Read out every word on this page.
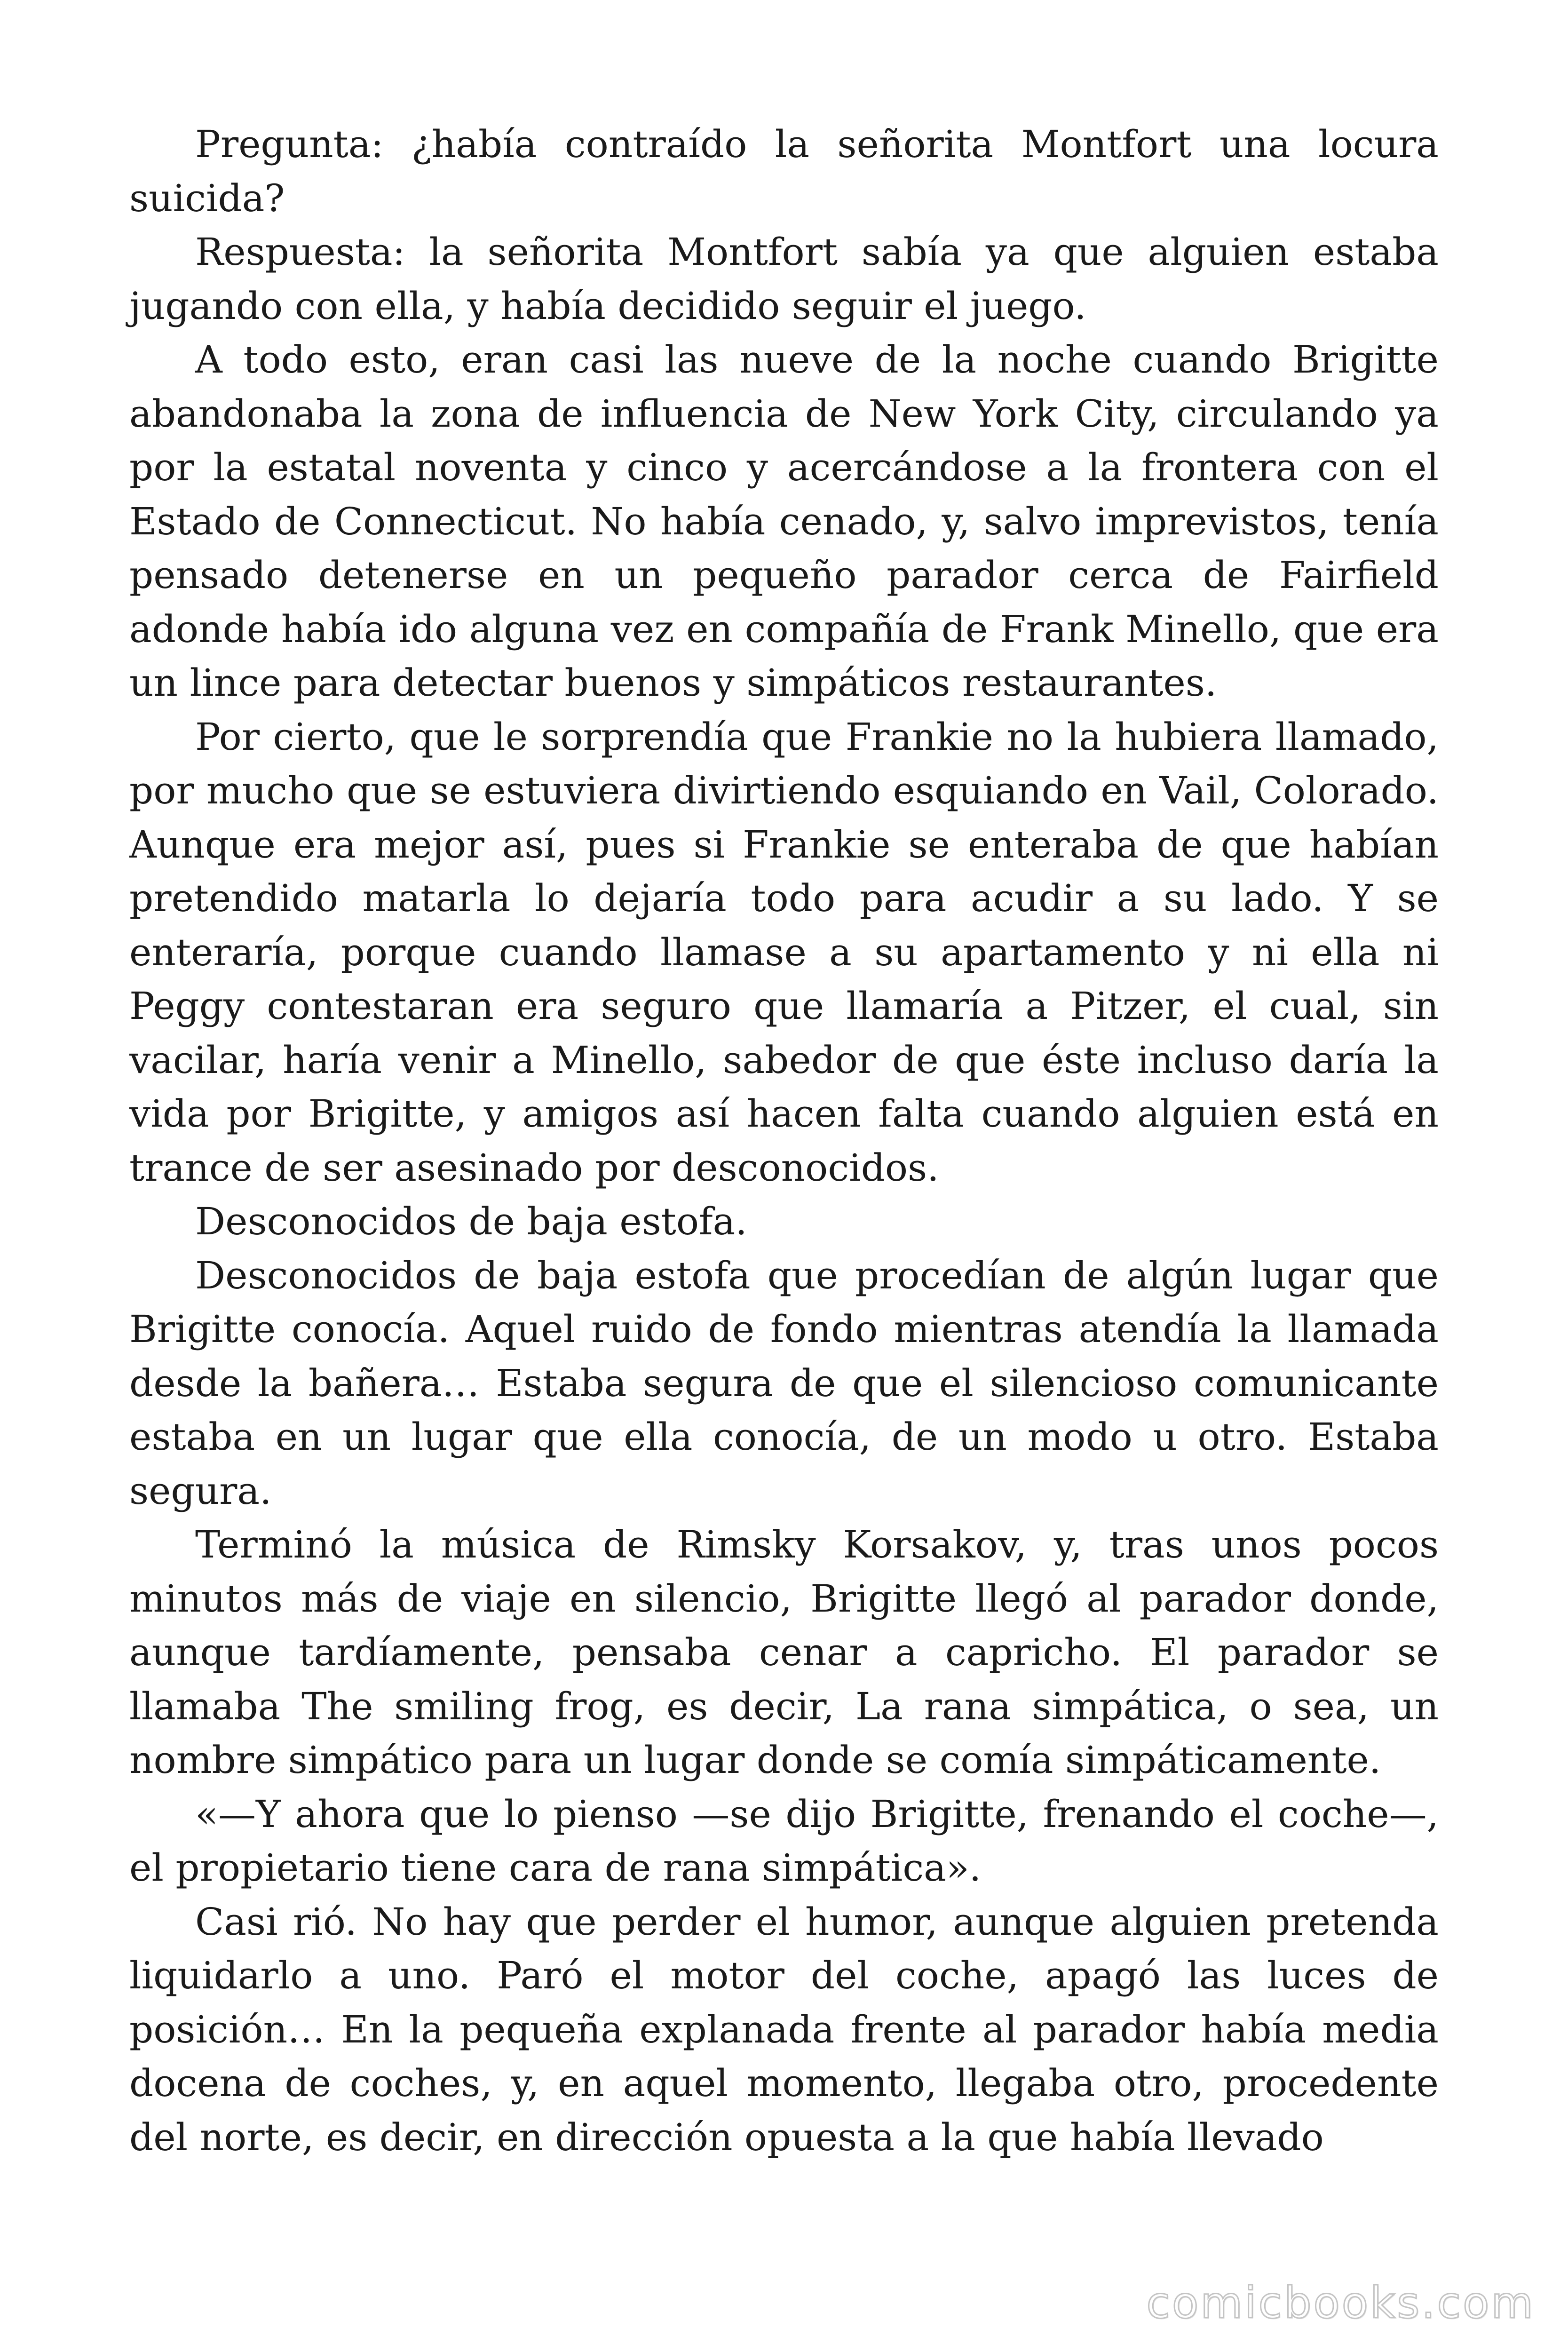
Pregunta: ¿había contraído la señorita Montfort una locura suicida?

Respuesta: la señorita Montfort sabía ya que alguien estaba jugando con ella, y había decidido seguir el juego.

A todo esto, eran casi las nueve de la noche cuando Brigitte abandonaba la zona de influencia de New York City, circulando ya por la estatal noventa y cinco y acercándose a la frontera con el Estado de Connecticut. No había cenado, y, salvo imprevistos, tenía pensado detenerse en un pequeño parador cerca de Fairfield adonde había ido alguna vez en compañía de Frank Minello, que era un lince para detectar buenos y simpáticos restaurantes.

Por cierto, que le sorprendía que Frankie no la hubiera llamado, por mucho que se estuviera divirtiendo esquiando en Vail, Colorado. Aunque era mejor así, pues si Frankie se enteraba de que habían pretendido matarla lo dejaría todo para acudir a su lado. Y se enteraría, porque cuando llamase a su apartamento y ni ella ni Peggy contestaran era seguro que llamaría a Pitzer, el cual, sin vacilar, haría venir a Minello, sabedor de que éste incluso daría la vida por Brigitte, y amigos así hacen falta cuando alguien está en trance de ser asesinado por desconocidos.

Desconocidos de baja estofa.

Desconocidos de baja estofa que procedían de algún lugar que Brigitte conocía. Aquel ruido de fondo mientras atendía la llamada desde la bañera… Estaba segura de que el silencioso comunicante estaba en un lugar que ella conocía, de un modo u otro. Estaba segura.

Terminó la música de Rimsky Korsakov, y, tras unos pocos minutos más de viaje en silencio, Brigitte llegó al parador donde, aunque tardíamente, pensaba cenar a capricho. El parador se llamaba The smiling frog, es decir, La rana simpática, o sea, un nombre simpático para un lugar donde se comía simpáticamente.

«—Y ahora que lo pienso —se dijo Brigitte, frenando el coche—, el propietario tiene cara de rana simpática».

Casi rió. No hay que perder el humor, aunque alguien pretenda liquidarlo a uno. Paró el motor del coche, apagó las luces de posición… En la pequeña explanada frente al parador había media docena de coches, y, en aquel momento, llegaba otro, procedente del norte, es decir, en dirección opuesta a la que había llevado

comicbooks.com
